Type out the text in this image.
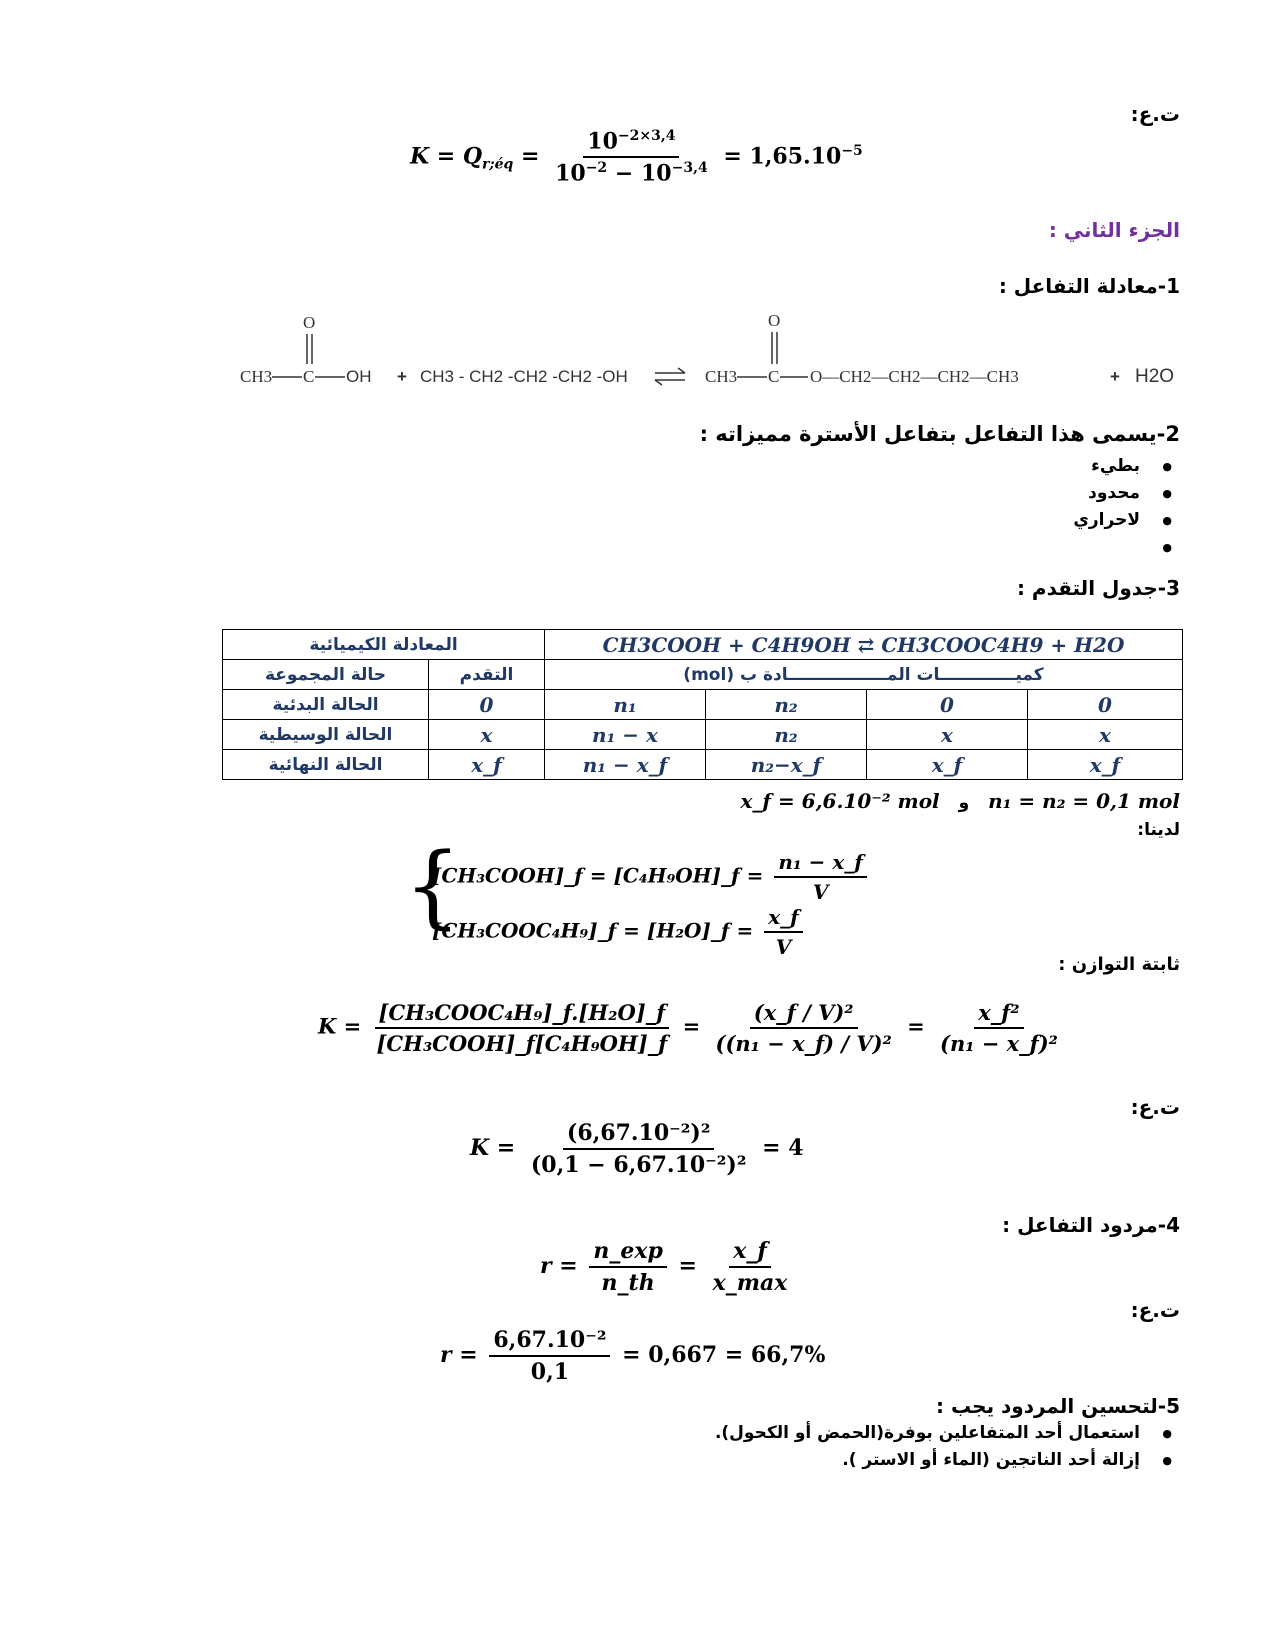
ت.ع:
$K = Q_{r;éq} = \frac{10^{-2\times 3,4}}{10^{-2} - 10^{-3,4}} = 1,65.10^{-5}$
الجزء الثاني :
1-معادلة التفاعل :
CH3 C OH
O
+ CH3 - CH2 -CH2 -CH2 -OH	CH3 C
O
O—CH2—CH2—CH2—CH3	+ H2O
2-يسمى هذا التفاعل بتفاعل الأسترة مميزاته :
● بطيء
● محدود
● لاحراري
●
3-جدول التقدم :
المعادلة الكيميائية		CH3COOH + C4H9OH ⇄ CH3COOC4H9 + H2O			
حالة المجموعة	التقدم	كميـــــــــــــات المـــــــــــــــــادة ب (mol)			
الحالة البدئية	0	n₁	n₂	0	0
الحالة الوسيطية	x	n₁ − x	n₂	x	x
الحالة النهائية	x_f	n₁ − x_f	n₂−x_f	x_f	x_f
x_f = 6,6.10⁻² mol و n₁ = n₂ = 0,1 mol
لدينا:
{
[CH₃COOH]_f = [C₄H₉OH]_f = $\frac{\text{n₁ − x\_f}}{V}$
[CH₃COOC₄H₉]_f = [H₂O]_f = $\frac{x\_f}{V}$
ثابتة التوازن :
$K = \frac{\text{[CH₃COOC₄H₉]\_f.[H₂O]\_f}}{\text{[CH₃COOH]\_f[C₄H₉OH]\_f}} = \frac{\text{(x\_f / V)²}}{\text{((n₁ − x\_f) / V)²}} = \frac{\text{x\_f²}}{\text{(n₁ − x\_f)²}}$
ت.ع:
$K = \frac{\text{(6,67.10⁻²)²}}{\text{(0,1 − 6,67.10⁻²)²}} = 4$
4-مردود التفاعل :
$r = \frac{n\_\exp}{n\_th} = \frac{x\_f}{x\_\max}$
ت.ع:
$r = \frac{\text{6,67.10⁻²}}{0,1} = 0,667 = 66,7\%$
5-لتحسين المردود يجب :
● استعمال أحد المتفاعلين بوفرة(الحمض أو الكحول).
● إزالة أحد الناتجين (الماء أو الاستر ).
